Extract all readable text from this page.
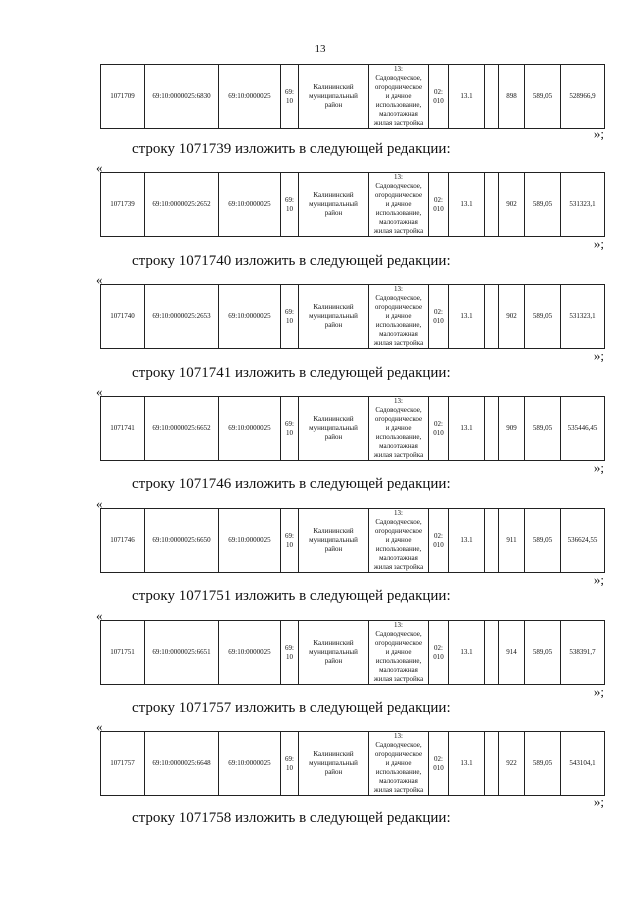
13
1071709	69:10:0000025:6830	69:10:0000025	69:
10	Калининский
муниципальный
район	13:
Садоводческое,
огородническое
и дачное
использование,
малоэтажная
жилая застройка	02:
010	13.1		898	589,05	528966,9
»;
строку 1071739 изложить в следующей редакции:
«
1071739	69:10:0000025:2652	69:10:0000025	69:
10	Калининский
муниципальный
район	13:
Садоводческое,
огородническое
и дачное
использование,
малоэтажная
жилая застройка	02:
010	13.1		902	589,05	531323,1
»;
строку 1071740 изложить в следующей редакции:
«
1071740	69:10:0000025:2653	69:10:0000025	69:
10	Калининский
муниципальный
район	13:
Садоводческое,
огородническое
и дачное
использование,
малоэтажная
жилая застройка	02:
010	13.1		902	589,05	531323,1
»;
строку 1071741 изложить в следующей редакции:
«
1071741	69:10:0000025:6652	69:10:0000025	69:
10	Калининский
муниципальный
район	13:
Садоводческое,
огородническое
и дачное
использование,
малоэтажная
жилая застройка	02:
010	13.1		909	589,05	535446,45
»;
строку 1071746 изложить в следующей редакции:
«
1071746	69:10:0000025:6650	69:10:0000025	69:
10	Калининский
муниципальный
район	13:
Садоводческое,
огородническое
и дачное
использование,
малоэтажная
жилая застройка	02:
010	13.1		911	589,05	536624,55
»;
строку 1071751 изложить в следующей редакции:
«
1071751	69:10:0000025:6651	69:10:0000025	69:
10	Калининский
муниципальный
район	13:
Садоводческое,
огородническое
и дачное
использование,
малоэтажная
жилая застройка	02:
010	13.1		914	589,05	538391,7
»;
строку 1071757 изложить в следующей редакции:
«
1071757	69:10:0000025:6648	69:10:0000025	69:
10	Калининский
муниципальный
район	13:
Садоводческое,
огородническое
и дачное
использование,
малоэтажная
жилая застройка	02:
010	13.1		922	589,05	543104,1
»;
строку 1071758 изложить в следующей редакции:
